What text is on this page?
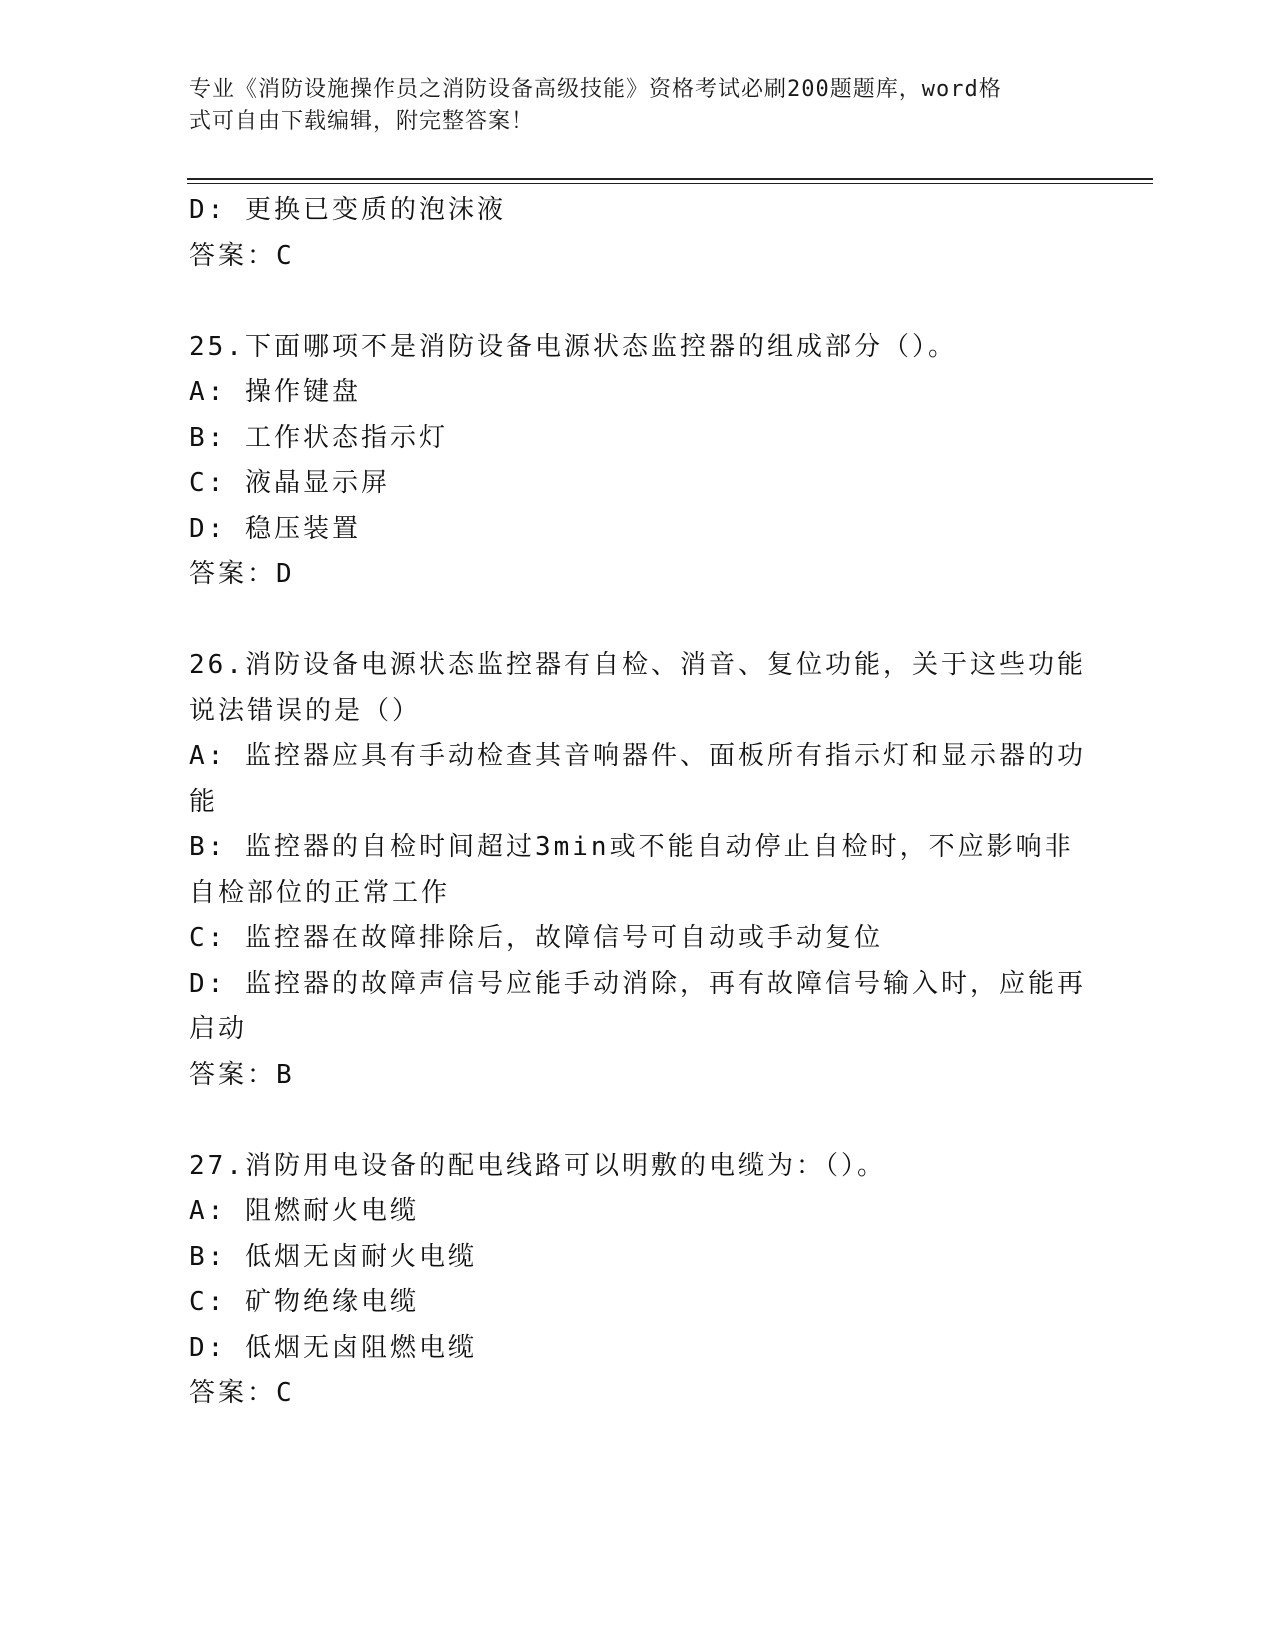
专业《消防设施操作员之消防设备高级技能》资格考试必刷200题题库，word格
式可自由下载编辑，附完整答案！
D: 更换已变质的泡沫液
答案：C
25.下面哪项不是消防设备电源状态监控器的组成部分（）。
A: 操作键盘
B: 工作状态指示灯
C: 液晶显示屏
D: 稳压装置
答案：D
26.消防设备电源状态监控器有自检、消音、复位功能，关于这些功能
说法错误的是（）
A: 监控器应具有手动检查其音响器件、面板所有指示灯和显示器的功
能
B: 监控器的自检时间超过3min或不能自动停止自检时，不应影响非
自检部位的正常工作
C: 监控器在故障排除后，故障信号可自动或手动复位
D: 监控器的故障声信号应能手动消除，再有故障信号输入时，应能再
启动
答案：B
27.消防用电设备的配电线路可以明敷的电缆为：（）。
A: 阻燃耐火电缆
B: 低烟无卤耐火电缆
C: 矿物绝缘电缆
D: 低烟无卤阻燃电缆
答案：C
